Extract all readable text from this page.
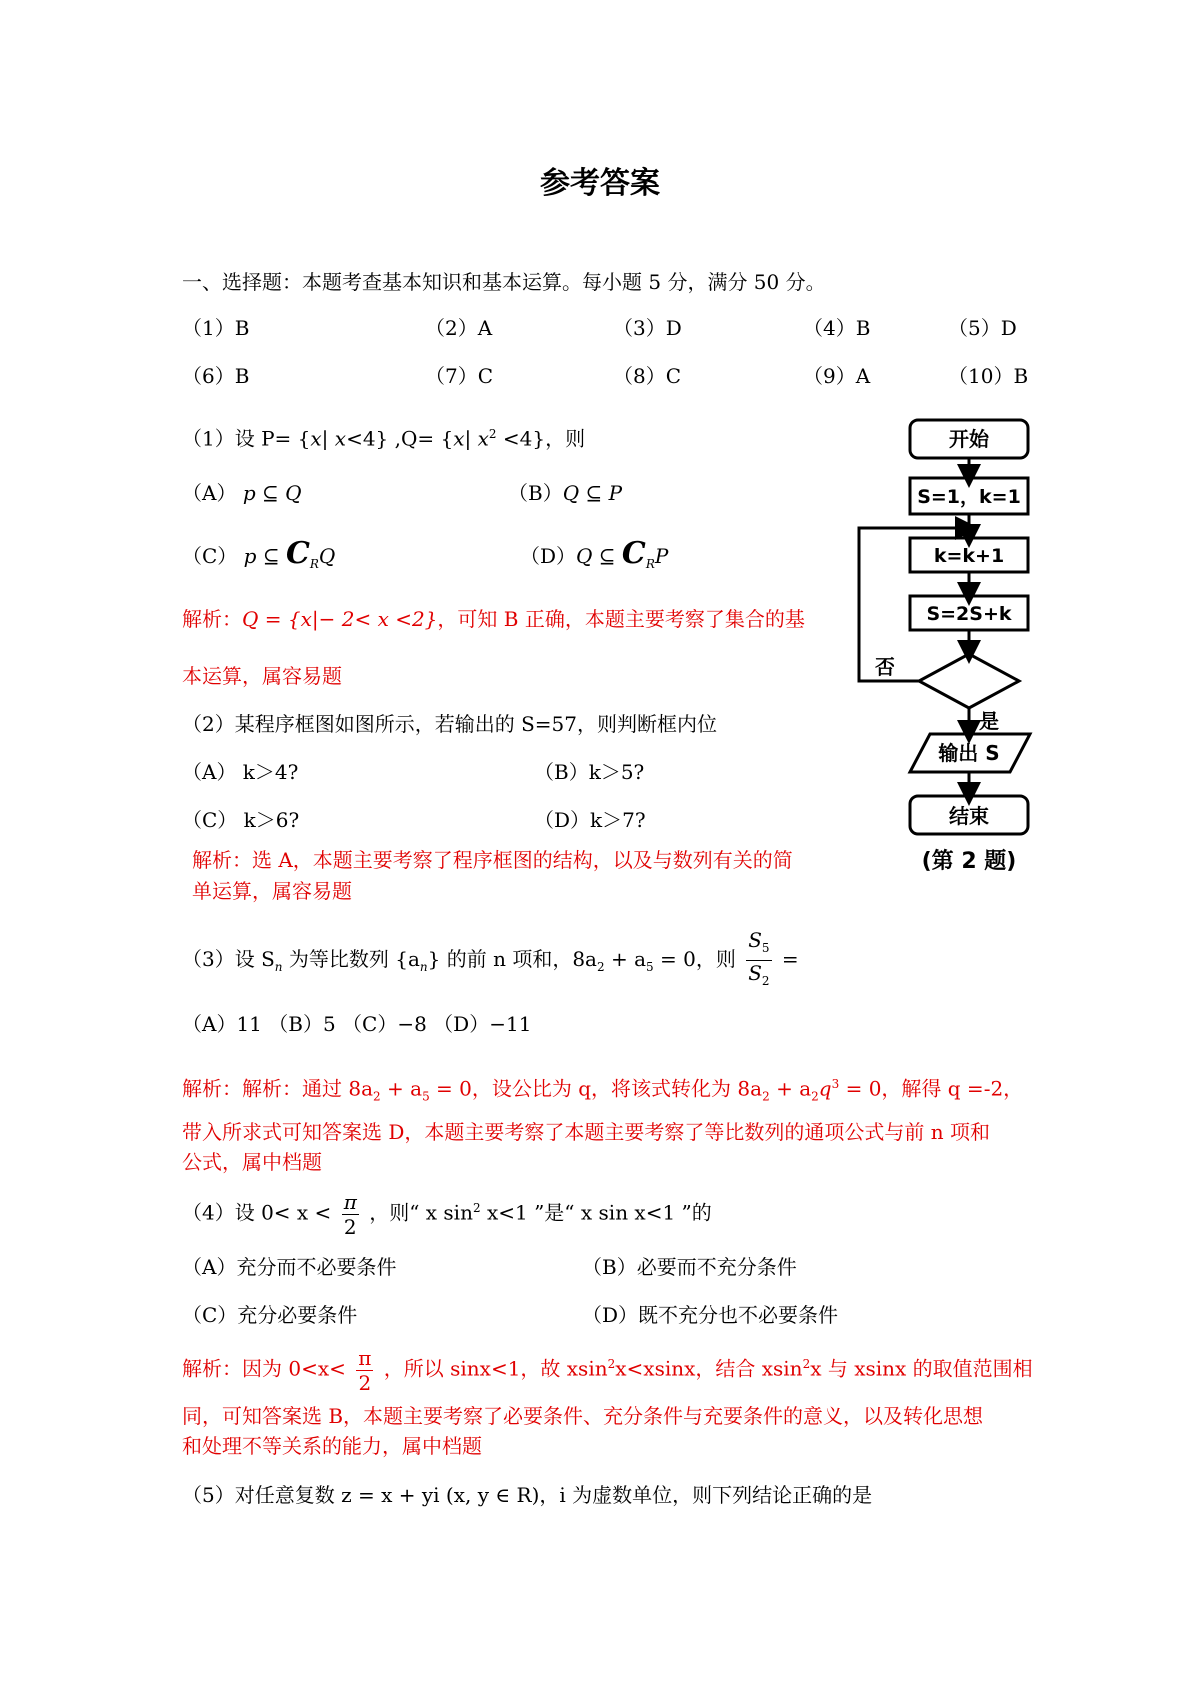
参考答案
一、选择题：本题考查基本知识和基本运算。每小题 5 分，满分 50 分。
（1）B	（2）A	（3）D	（4）B	（5）D
（6）B	（7）C	（8）C	（9）A	（10）B
（1）设 P= {x| x<4} ,Q= {x| $x^2 <4$}，则
（A） p ⊆ Q	（B）Q ⊆ P
（C） p ⊆ $C_RQ$	（D）Q ⊆ $C_RP$
解析：Q = {x|− 2< x <2}，可知 B 正确，本题主要考察了集合的基
本运算，属容易题
（2）某程序框图如图所示，若输出的 S=57，则判断框内位
（A） k＞4?	（B）k＞5?
（C） k＞6?	（D）k＞7?
解析：选 A，本题主要考察了程序框图的结构，以及与数列有关的简
单运算，属容易题
开始
S=1，k=1
k=k+1
S=2S+k
否
是
输出 S
结束
(第 2 题)
（3）设 $S_n$ 为等比数列 $\{a_n\}$ 的前 n 项和，$8a_2 + a_5 = 0$，则 $\frac{S_5}{S_2}$ =
（A）11 （B）5 （C）−8 （D）−11
解析：解析：通过 $8a_2 + a_5 = 0$，设公比为 q，将该式转化为 $8a_2 + a_2q^3 = 0$，解得 q =-2，
带入所求式可知答案选 D，本题主要考察了本题主要考察了等比数列的通项公式与前 n 项和
公式，属中档题
（4）设 $0< x < \frac{\pi}{2}$ ，则“ x $\sin^2 x<1$ ”是“ x sin x<1 ”的
（A）充分而不必要条件	（B）必要而不充分条件
（C）充分必要条件	（D）既不充分也不必要条件
解析：因为 $0<x< \frac{\pi}{2}$ ，所以 sinx<1，故 xsin$^2$x<xsinx，结合 xsin$^2$x 与 xsinx 的取值范围相
同，可知答案选 B，本题主要考察了必要条件、充分条件与充要条件的意义，以及转化思想
和处理不等关系的能力，属中档题
（5）对任意复数 z = x + yi (x, y ∈ R)，i 为虚数单位，则下列结论正确的是
